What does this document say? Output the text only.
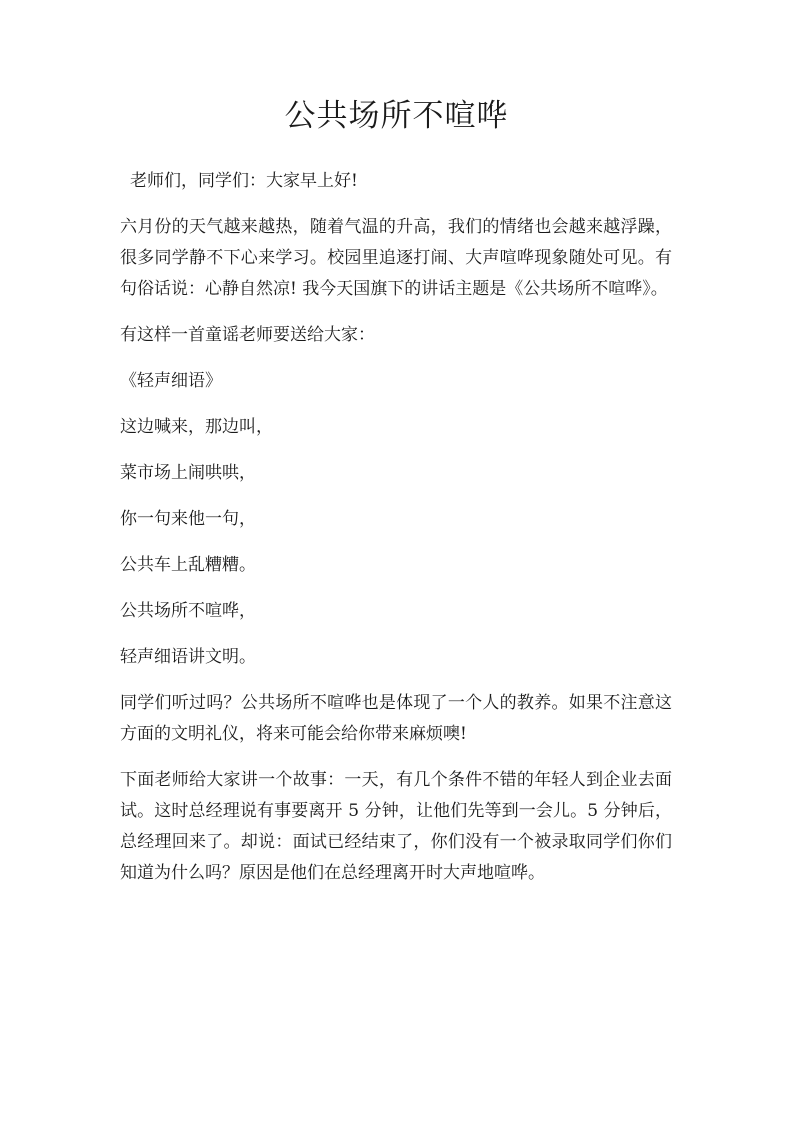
公共场所不喧哗

老师们，同学们：大家早上好!

六月份的天气越来越热，随着气温的升高，我们的情绪也会越来越浮躁，很多同学静不下心来学习。校园里追逐打闹、大声喧哗现象随处可见。有句俗话说：心静自然凉! 我今天国旗下的讲话主题是《公共场所不喧哗》。

有这样一首童谣老师要送给大家：

《轻声细语》

这边喊来，那边叫，

菜市场上闹哄哄，

你一句来他一句，

公共车上乱糟糟。

公共场所不喧哗，

轻声细语讲文明。

同学们听过吗？公共场所不喧哗也是体现了一个人的教养。如果不注意这方面的文明礼仪，将来可能会给你带来麻烦噢!

下面老师给大家讲一个故事：一天，有几个条件不错的年轻人到企业去面试。这时总经理说有事要离开 5 分钟，让他们先等到一会儿。5 分钟后，总经理回来了。却说：面试已经结束了，你们没有一个被录取同学们你们知道为什么吗？原因是他们在总经理离开时大声地喧哗。
